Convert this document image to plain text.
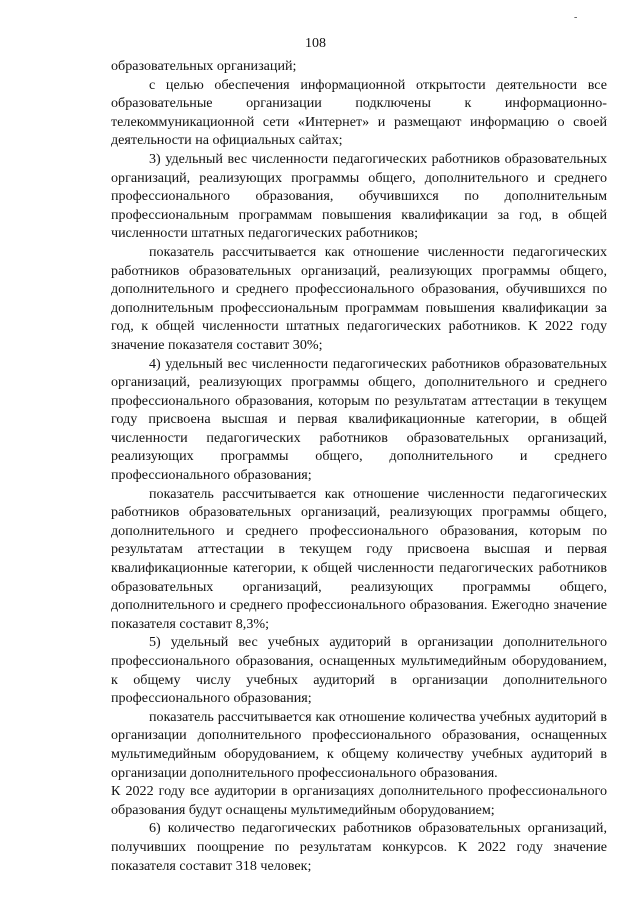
-
108

образовательных организаций;

с целью обеспечения информационной открытости деятельности все образовательные организации подключены к информационно-телекоммуникационной сети «Интернет» и размещают информацию о своей деятельности на официальных сайтах;

3) удельный вес численности педагогических работников образовательных организаций, реализующих программы общего, дополнительного и среднего профессионального образования, обучившихся по дополнительным профессиональным программам повышения квалификации за год, в общей численности штатных педагогических работников;

показатель рассчитывается как отношение численности педагогических работников образовательных организаций, реализующих программы общего, дополнительного и среднего профессионального образования, обучившихся по дополнительным профессиональным программам повышения квалификации за год, к общей численности штатных педагогических работников. К 2022 году значение показателя составит 30%;

4) удельный вес численности педагогических работников образовательных организаций, реализующих программы общего, дополнительного и среднего профессионального образования, которым по результатам аттестации в текущем году присвоена высшая и первая квалификационные категории, в общей численности педагогических работников образовательных организаций, реализующих программы общего, дополнительного и среднего профессионального образования;

показатель рассчитывается как отношение численности педагогических работников образовательных организаций, реализующих программы общего, дополнительного и среднего профессионального образования, которым по результатам аттестации в текущем году присвоена высшая и первая квалификационные категории, к общей численности педагогических работников образовательных организаций, реализующих программы общего, дополнительного и среднего профессионального образования. Ежегодно значение показателя составит 8,3%;

5) удельный вес учебных аудиторий в организации дополнительного профессионального образования, оснащенных мультимедийным оборудованием, к общему числу учебных аудиторий в организации дополнительного профессионального образования;

показатель рассчитывается как отношение количества учебных аудиторий в организации дополнительного профессионального образования, оснащенных мультимедийным оборудованием, к общему количеству учебных аудиторий в организации дополнительного профессионального образования.

К 2022 году все аудитории в организациях дополнительного профессионального образования будут оснащены мультимедийным оборудованием;

6) количество педагогических работников образовательных организаций, получивших поощрение по результатам конкурсов. К 2022 году значение показателя составит 318 человек;
